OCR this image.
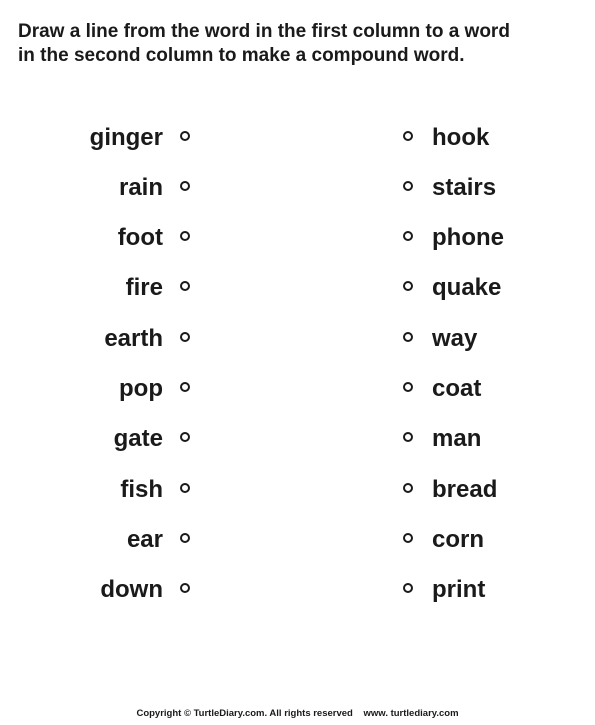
Draw a line from the word in the first column to a word
in the second column to make a compound word.
ginger	hook
rain	stairs
foot	phone
fire	quake
earth	way
pop	coat
gate	man
fish	bread
ear	corn
down	print
Copyright © TurtleDiary.com. All rights reserved www. turtlediary.com
